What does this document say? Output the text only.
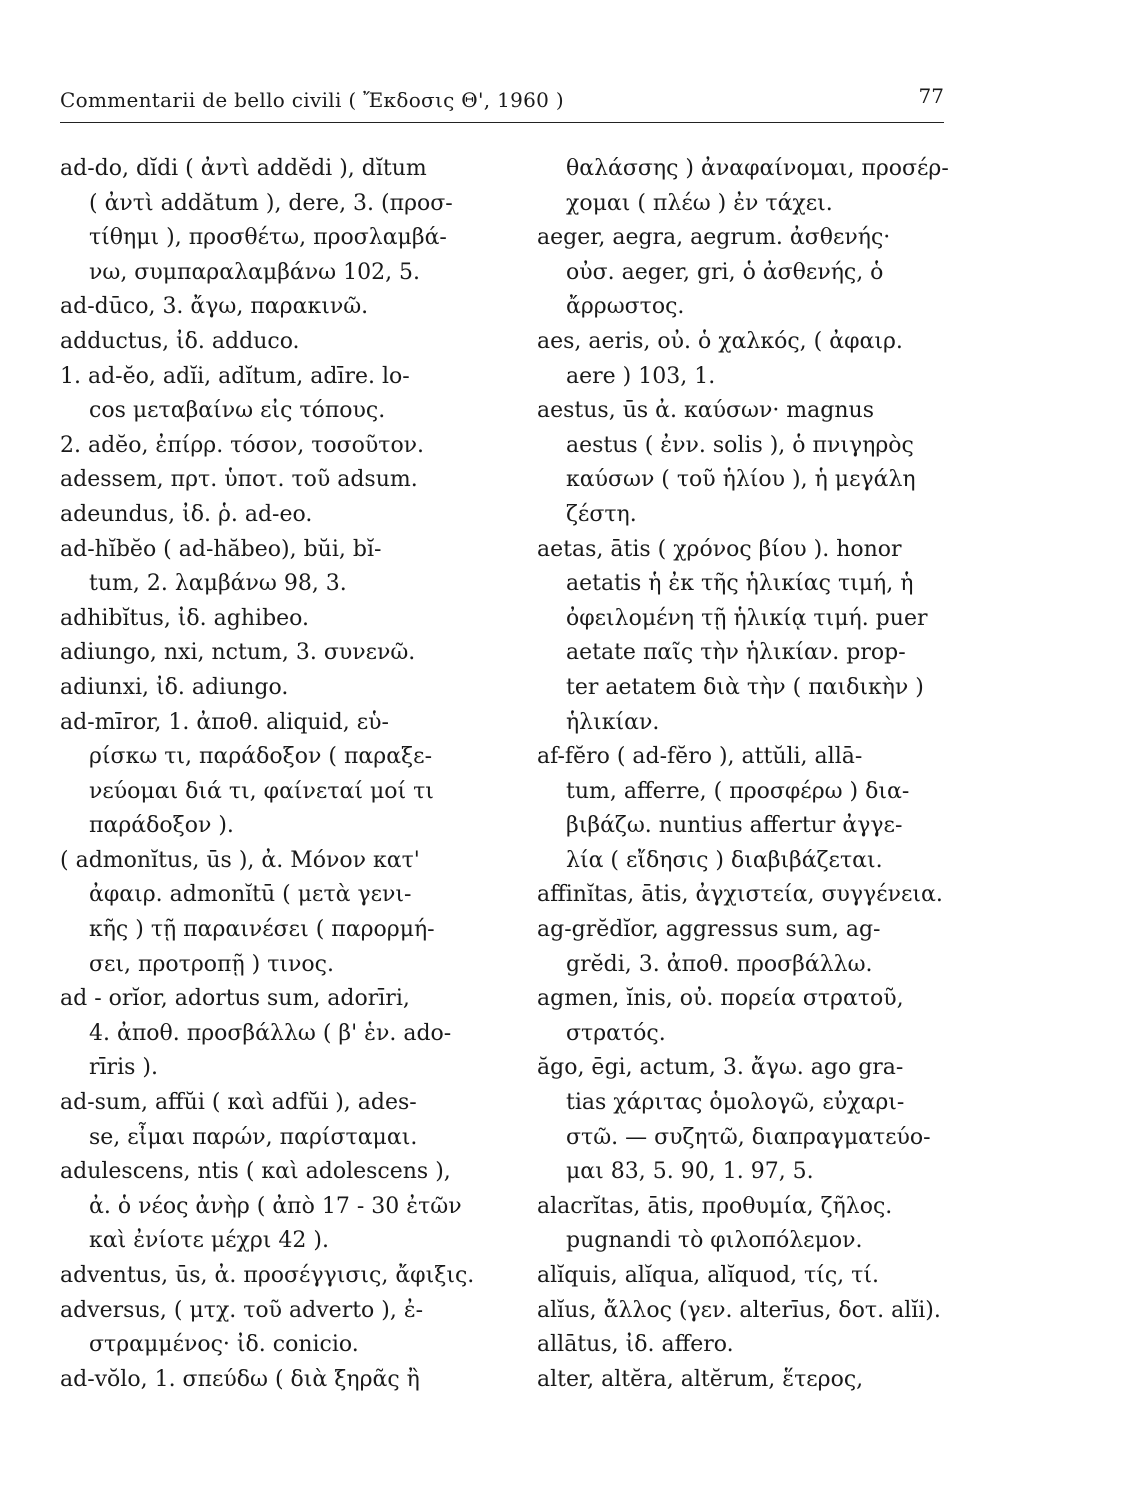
Commentarii de bello civili ( Ἔκδοσις Θ', 1960 )	77
ad-do, dĭdi ( ἀντὶ addĕdi ), dĭtum
( ἀντὶ addătum ), dere, 3. (προσ-
τίθημι ), προσθέτω, προσλαμβά-
νω, συμπαραλαμβάνω 102, 5.
ad-dūco, 3. ἄγω, παρακινῶ.
adductus, ἰδ. adduco.
1. ad-ĕo, adĭi, adĭtum, adīre. lo-
cos μεταβαίνω εἰς τόπους.
2. adĕo, ἐπίρρ. τόσον, τοσοῦτον.
adessem, πρτ. ὑποτ. τοῦ adsum.
adeundus, ἰδ. ῥ. ad-eo.
ad-hĭbĕo ( ad-hăbeo), bŭi, bĭ-
tum, 2. λαμβάνω 98, 3.
adhibĭtus, ἰδ. aghibeo.
adiungo, nxi, nctum, 3. συνενῶ.
adiunxi, ἰδ. adiungo.
ad-mīror, 1. ἀποθ. aliquid, εὑ-
ρίσκω τι, παράδοξον ( παραξε-
νεύομαι διά τι, φαίνεταί μοί τι
παράδοξον ).
( admonĭtus, ūs ), ἀ. Μόνον κατ'
ἀφαιρ. admonĭtū ( μετὰ γενι-
κῆς ) τῇ παραινέσει ( παρορμή-
σει, προτροπῇ ) τινος.
ad - orĭor, adortus sum, adorīri,
4. ἀποθ. προσβάλλω ( β' ἑν. ado-
rīris ).
ad-sum, affŭi ( καὶ adfŭi ), ades-
se, εἶμαι παρών, παρίσταμαι.
adulescens, ntis ( καὶ adolescens ),
ἀ. ὁ νέος ἀνὴρ ( ἀπὸ 17 - 30 ἐτῶν
καὶ ἐνίοτε μέχρι 42 ).
adventus, ūs, ἀ. προσέγγισις, ἄφιξις.
adversus, ( μτχ. τοῦ adverto ), ἐ-
στραμμένος· ἰδ. conicio.
ad-vŏlo, 1. σπεύδω ( διὰ ξηρᾶς ἢ
θαλάσσης ) ἀναφαίνομαι, προσέρ-
χομαι ( πλέω ) ἐν τάχει.
aeger, aegra, aegrum. ἀσθενής·
οὐσ. aeger, gri, ὁ ἀσθενής, ὁ
ἄρρωστος.
aes, aeris, οὐ. ὁ χαλκός, ( ἀφαιρ.
aere ) 103, 1.
aestus, ūs ἀ. καύσων· magnus
aestus ( ἐνν. solis ), ὁ πνιγηρὸς
καύσων ( τοῦ ἡλίου ), ἡ μεγάλη
ζέστη.
aetas, ātis ( χρόνος βίου ). honor
aetatis ἡ ἐκ τῆς ἡλικίας τιμή, ἡ
ὀφειλομένη τῇ ἡλικίᾳ τιμή. puer
aetate παῖς τὴν ἡλικίαν. prop-
ter aetatem διὰ τὴν ( παιδικὴν )
ἡλικίαν.
af-fĕro ( ad-fĕro ), attŭli, allā-
tum, afferre, ( προσφέρω ) δια-
βιβάζω. nuntius affertur ἀγγε-
λία ( εἴδησις ) διαβιβάζεται.
affinĭtas, ātis, ἀγχιστεία, συγγένεια.
ag-grĕdĭor, aggressus sum, ag-
grĕdi, 3. ἀποθ. προσβάλλω.
agmen, ĭnis, οὐ. πορεία στρατοῦ,
στρατός.
ăgo, ēgi, actum, 3. ἄγω. ago gra-
tias χάριτας ὁμολογῶ, εὐχαρι-
στῶ. — συζητῶ, διαπραγματεύο-
μαι 83, 5. 90, 1. 97, 5.
alacrĭtas, ātis, προθυμία, ζῆλος.
pugnandi τὸ φιλοπόλεμον.
alĭquis, alĭqua, alĭquod, τίς, τί.
alĭus, ἄλλος (γεν. alterīus, δοτ. alĭi).
allātus, ἰδ. affero.
alter, altĕra, altĕrum, ἕτερος,
